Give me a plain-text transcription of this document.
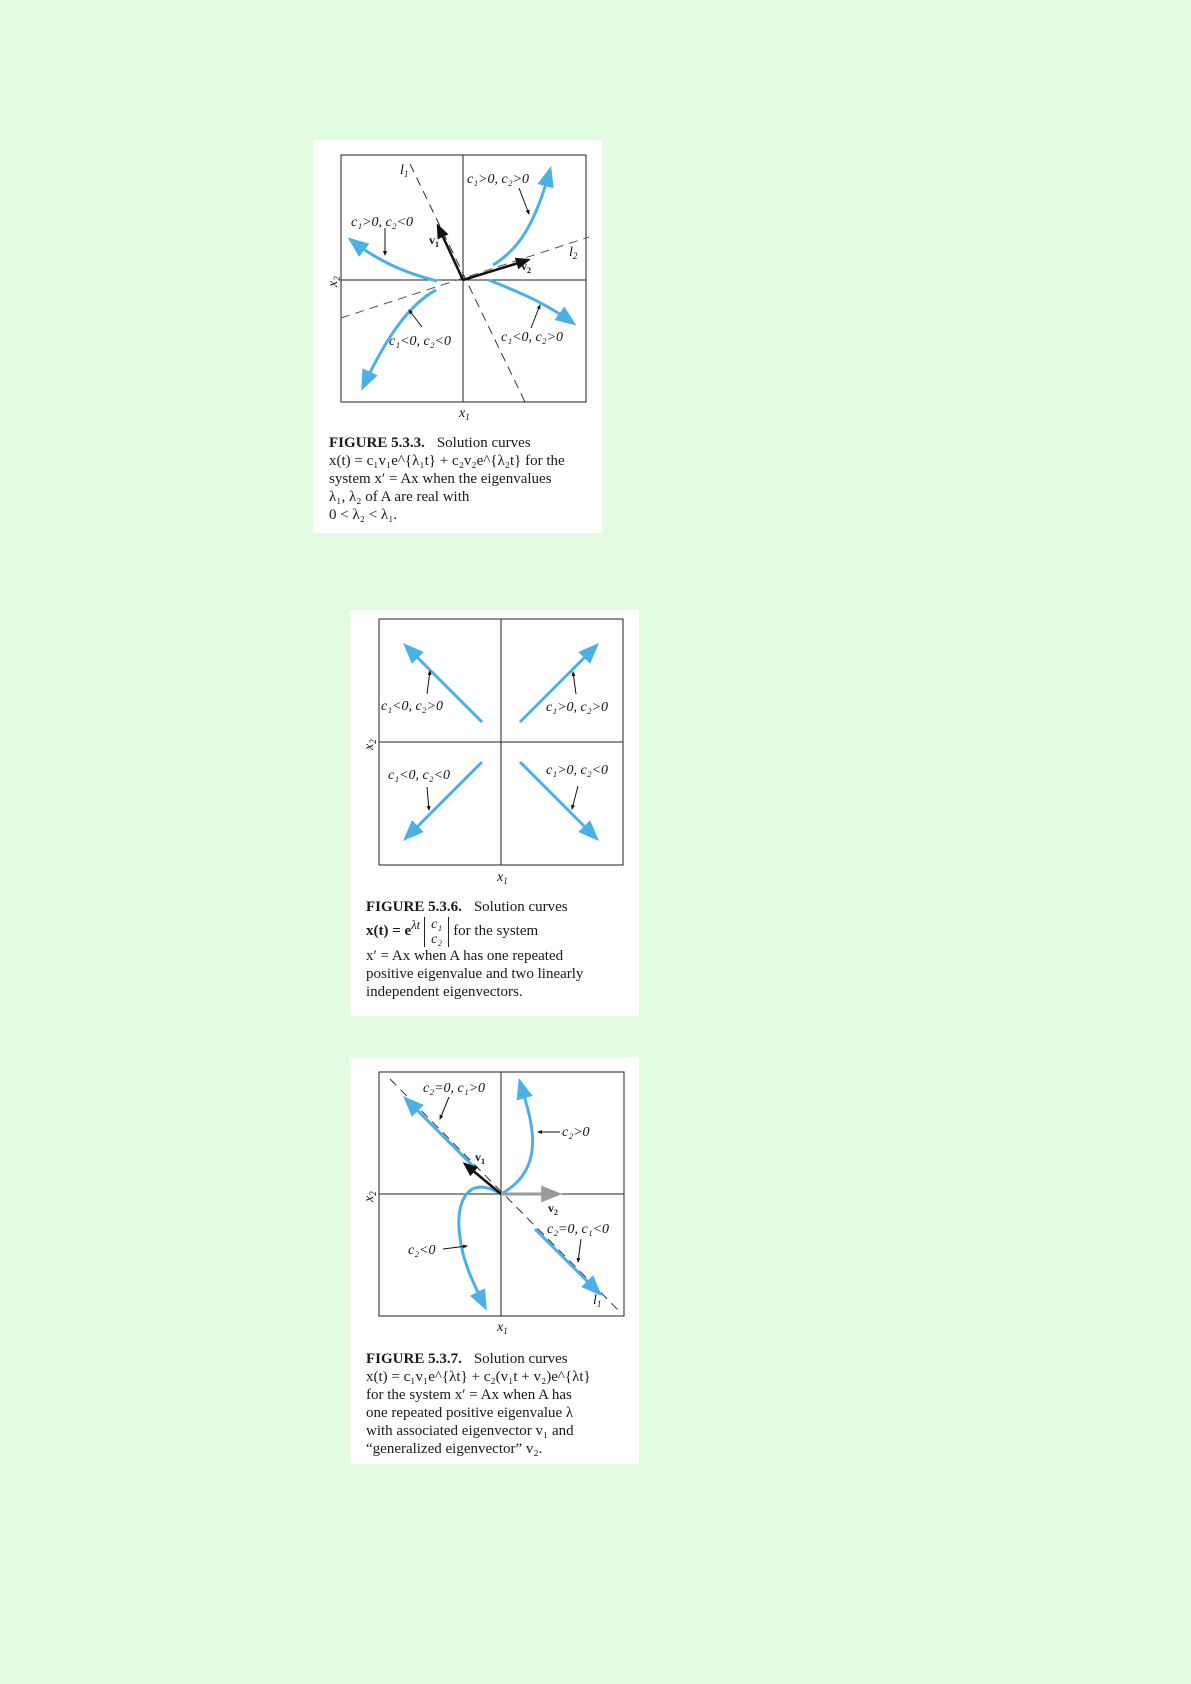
$l_1$
$l_2$
$v_1$
$v_2$
c₁>0, c₂>0
c₁>0, c₂<0
c₁<0, c₂<0	c₁<0, c₂>0
$x_1$
$x_2$
FIGURE 5.3.3. Solution curves
x(t) = c₁v₁e^{λ₁t} + c₂v₂e^{λ₂t} for the
system x′ = Ax when the eigenvalues
λ₁, λ₂ of A are real with
0 < λ₂ < λ₁.
c₁<0, c₂>0	c₁>0, c₂>0
c₁<0, c₂<0	c₁>0, c₂<0
$x_1$
$x_2$
FIGURE 5.3.6. Solution curves
$x(t) = e^{\lambda t}$ c₁
c₂
for the system
x′ = Ax when A has one repeated
positive eigenvalue and two linearly
independent eigenvectors.
c₂=0, c₁>0
c₂>0
c₂<0
c₂=0, c₁<0
$v_1$
$v_2$
$l_1$
$x_1$
$x_2$
FIGURE 5.3.7. Solution curves
x(t) = c₁v₁e^{λt} + c₂(v₁t + v₂)e^{λt}
for the system x′ = Ax when A has
one repeated positive eigenvalue λ
with associated eigenvector v₁ and
“generalized eigenvector” v₂.
